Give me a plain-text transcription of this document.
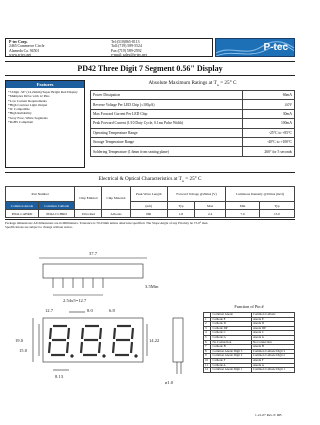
P-tec Corp.
2465 Commerce Circle
Alameda Ca. 94501
www.p-tec.net
Tel:(510)865-8113
Toll:(719) 589-5524
Fax:(719) 589-2592
e-mail: sales@p-tec.net
P-tec
PD42 Three Digit 7 Segment 0.56" Display
Features
*3 Digit .56" (14.22mm) Super Bright Red Display
*Multiplex Drive with 12 Pins
*Low Current Requirements
*High Contrast Light Output
*IC Compatible
*High Reliability
*Gray Face, White Segments
*RoHS Compliant
Absolute Maximum Ratings at $T_A = 25^\circ$ C
Power Dissipation	66mA
Reverse Voltage Per LED Chip (≤100μA)	4.0V
Max Forward Current Per LED Chip	30mA
Peak Forward Current (1/10 Duty Cycle, 0.1ms Pulse Width)	100mA
Operating Temperature Range	-25°C to +85°C
Storage Temperature Range	-40°C to +100°C
Soldering Temperature (1.6mm from seating plane)	260° for 5 seconds
Electrical & Optical Characteristics at $T_A = 25^\circ$ C
Part Number		Chip Emitted	Chip Material	Peak Wave Length	Forward Voltage @20mA (V)		Luminous Intensity @10mA (mcd)	
Common Anode	Common Cathode			(nm)	Typ	Max	Min	Typ
PD42-CAHRD	PD42-CCHRD	Ultra Red	AlGaAs	660	1.8	2.4	7.0	15.0
Package dimensions: All dimensions are in Millimeters. Tolerance is ±0.25mm unless otherwise specified. The Slope Angle of any Pin may be ±5.0° max.
Specifications are subject to change without notice.
37.7
2.54x5=12.7
3.5Min
12.7	8.0
19.0
15.0
14.22
8.13
6.8
ø1.0
Function of Pin #
	Common Anode	Common Cathode
1	Cathode E	Anode E
2	Cathode D	Anode D
3	Cathode DP	Anode DP
4	Cathode C	Anode C
5	Cathode G	Anode G
6	No Connection	No Connection
7	Cathode B	Anode B
8	Common Anode Digit 3	Common Cathode Digit 3
9	Common Anode Digit 2	Common Cathode Digit 2
10	Cathode F	Anode F
11	Cathode A	Anode A
12	Common Anode Digit 1	Common Cathode Digit 1
1-21-07 Rev. 0: RB
